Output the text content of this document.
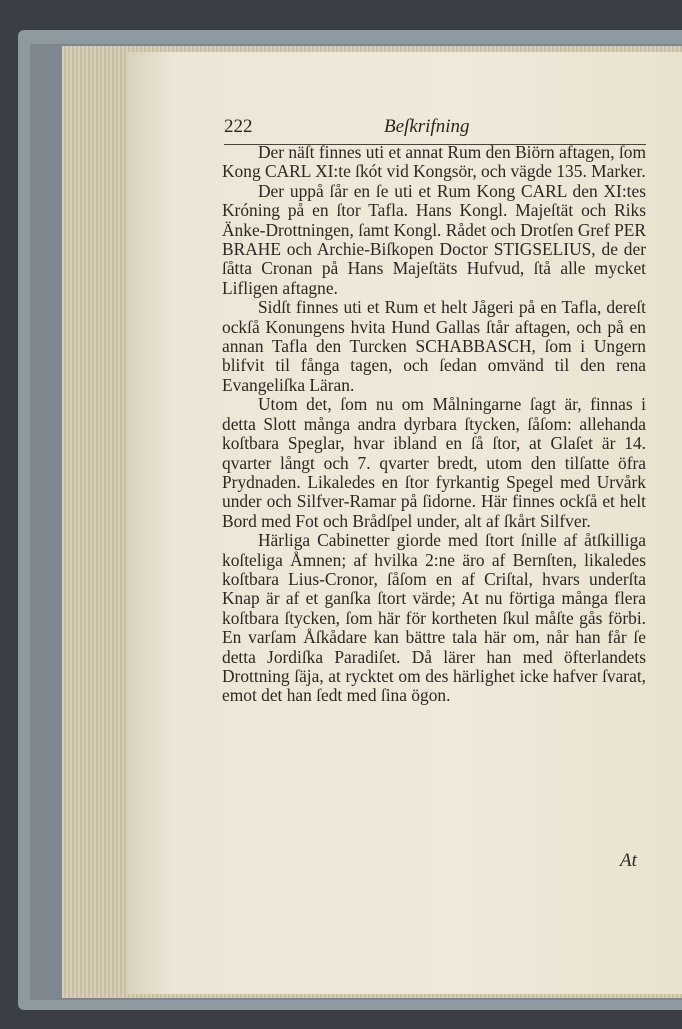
222	Beſkrifning

Der näſt finnes uti et annat Rum den Biörn aftagen, ſom Kong CARL XI:te ſkót vid Kongsör, och vägde 135. Marker.

Der uppå ſår en ſe uti et Rum Kong CARL den XI:tes Króning på en ſtor Tafla. Hans Kongl. Majeſtät och Riks Änke-Drottningen, ſamt Kongl. Rådet och Drotſen Gref PER BRAHE och Archie-Biſkopen Doctor STIGSELIUS, de der ſåtta Cronan på Hans Majeſtäts Hufvud, ſtå alle mycket Lifligen aftagne.

Sidſt finnes uti et Rum et helt Jågeri på en Tafla, dereſt ockſå Konungens hvita Hund Gallas ſtår aftagen, och på en annan Tafla den Turcken SCHABBASCH, ſom i Ungern blifvit til fånga tagen, och ſedan omvänd til den rena Evangeliſka Läran.

Utom det, ſom nu om Målningarne ſagt är, finnas i detta Slott många andra dyrbara ſtycken, ſåſom: allehanda koſtbara Speglar, hvar ibland en ſå ſtor, at Glaſet är 14. qvarter långt och 7. qvarter bredt, utom den tilſatte öfra Prydnaden. Likaledes en ſtor fyrkantig Spegel med Urvårk under och Silfver-Ramar på ſidorne. Här finnes ockſå et helt Bord med Fot och Brådſpel under, alt af ſkårt Silfver.

Härliga Cabinetter giorde med ſtort ſnille af åtſkilliga koſteliga Åmnen; af hvilka 2:ne äro af Bernſten, likaledes koſtbara Lius-Cronor, ſåſom en af Criſtal, hvars underſta Knap är af et ganſka ſtort värde; At nu förtiga många flera koſtbara ſtycken, ſom här för kortheten ſkul måſte gås förbi. En varſam Åſkådare kan bättre tala här om, når han får ſe detta Jordiſka Paradiſet. Då lärer han med öfterlandets Drottning ſäja, at rycktet om des härlighet icke hafver ſvarat, emot det han ſedt med ſina ögon.

At
